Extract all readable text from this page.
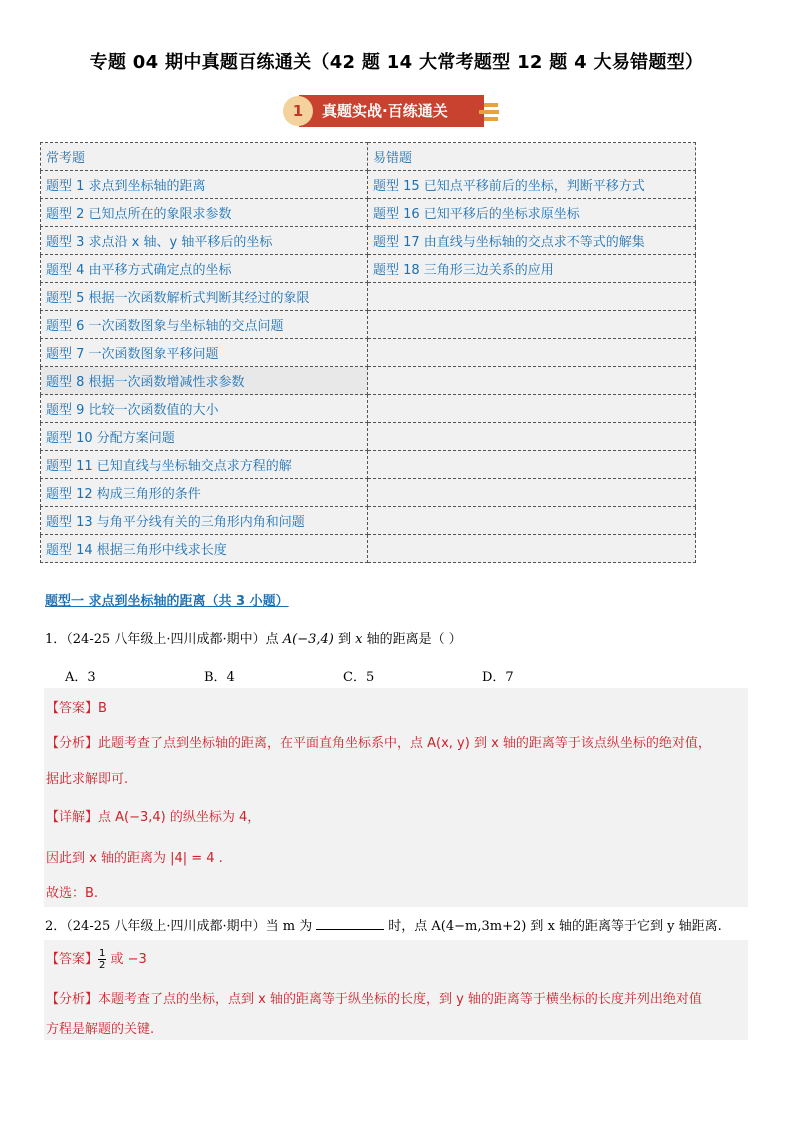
专题 04 期中真题百练通关（42 题 14 大常考题型 12 题 4 大易错题型）
真题实战·百练通关
1
常考题	易错题
题型 1 求点到坐标轴的距离	题型 15 已知点平移前后的坐标，判断平移方式
题型 2 已知点所在的象限求参数	题型 16 已知平移后的坐标求原坐标
题型 3 求点沿 x 轴、y 轴平移后的坐标	题型 17 由直线与坐标轴的交点求不等式的解集
题型 4 由平移方式确定点的坐标	题型 18 三角形三边关系的应用
题型 5 根据一次函数解析式判断其经过的象限	
题型 6 一次函数图象与坐标轴的交点问题	
题型 7 一次函数图象平移问题	
题型 8 根据一次函数增减性求参数	
题型 9 比较一次函数值的大小	
题型 10 分配方案问题	
题型 11 已知直线与坐标轴交点求方程的解	
题型 12 构成三角形的条件	
题型 13 与角平分线有关的三角形内角和问题	
题型 14 根据三角形中线求长度	
题型一 求点到坐标轴的距离（共 3 小题）
1．（24-25 八年级上·四川成都·期中）点 A(−3,4) 到 x 轴的距离是（ ）
A．3	B．4	C．5	D．7
【答案】B
【分析】此题考查了点到坐标轴的距离，在平面直角坐标系中，点 A(x, y) 到 x 轴的距离等于该点纵坐标的绝对值，
据此求解即可.
【详解】点 A(−3,4) 的纵坐标为 4，
因此到 x 轴的距离为 |4| = 4 .
故选：B.
2．（24-25 八年级上·四川成都·期中）当 m 为	时，点 A(4−m,3m+2) 到 x 轴的距离等于它到 y 轴距离.
【答案】 $\frac{1}{2}$ 或 −3
【分析】本题考查了点的坐标，点到 x 轴的距离等于纵坐标的长度，到 y 轴的距离等于横坐标的长度并列出绝对值
方程是解题的关键.
